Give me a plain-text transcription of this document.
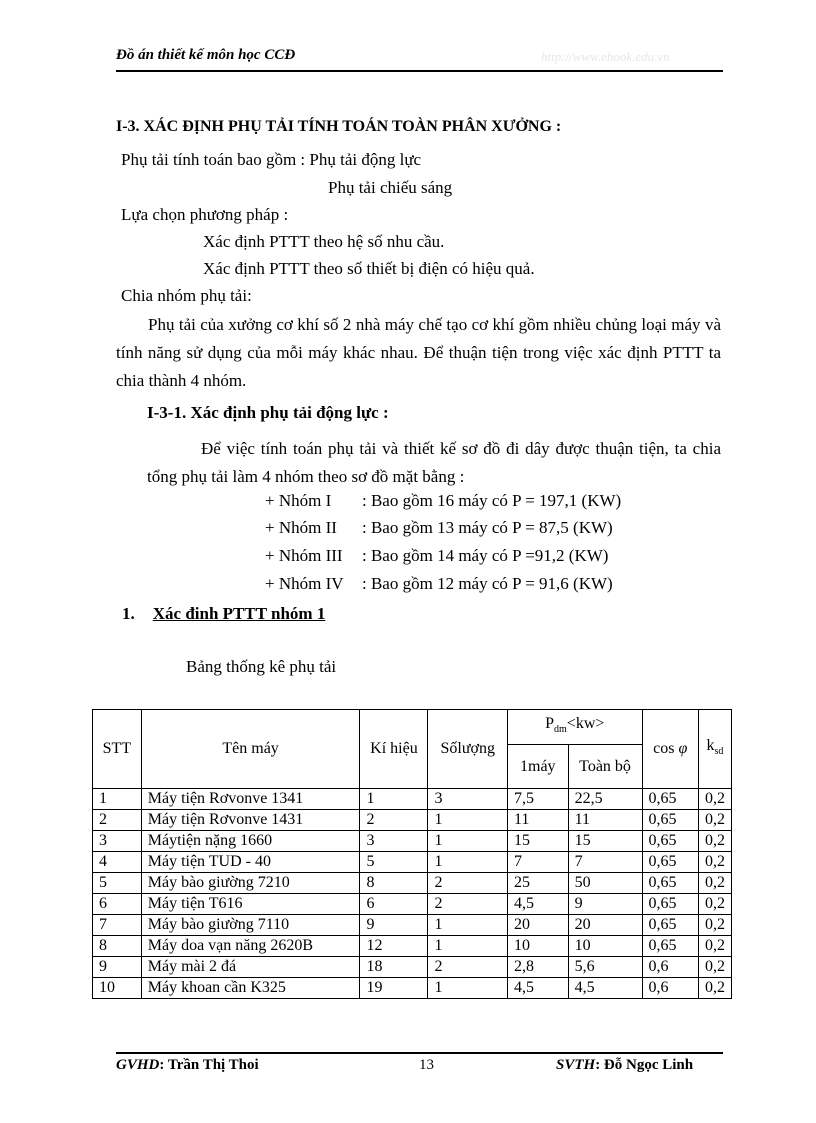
Đồ án thiết kế môn học CCĐ	http://www.ebook.edu.vn
I-3. XÁC ĐỊNH PHỤ TẢI TÍNH TOÁN TOÀN PHÂN XƯỞNG :
Phụ tải tính toán bao gồm : Phụ tải động lực
Phụ tải chiếu sáng
Lựa chọn phương pháp :
Xác định PTTT theo hệ số nhu cầu.
Xác định PTTT theo số thiết bị điện có hiệu quả.
Chia nhóm phụ tải:
Phụ tải của xưởng cơ khí số 2 nhà máy chế tạo cơ khí gồm nhiều chủng loại máy và tính năng sử dụng của mỗi máy khác nhau. Để thuận tiện trong việc xác định PTTT ta chia thành 4 nhóm.
I-3-1. Xác định phụ tải động lực :
Để việc tính toán phụ tải và thiết kế sơ đồ đi dây được thuận tiện, ta chia tổng phụ tải làm 4 nhóm theo sơ đồ mặt bằng :
+ Nhóm I : Bao gồm 16 máy có P = 197,1 (KW)
+ Nhóm II : Bao gồm 13 máy có P = 87,5 (KW)
+ Nhóm III : Bao gồm 14 máy có P =91,2 (KW)
+ Nhóm IV : Bao gồm 12 máy có P = 91,6 (KW)
1. Xác đinh PTTT nhóm 1
Bảng thống kê phụ tải
STT	Tên máy	Kí hiệu	Sốlượng	$P_{dm}<kw>$		cos φ	$k_{sd}$
				1máy	Toàn bộ		
1	Máy tiện Rơvonve 1341	1	3	7,5	22,5	0,65	0,2
2	Máy tiện Rơvonve 1431	2	1	11	11	0,65	0,2
3	Máytiện nặng 1660	3	1	15	15	0,65	0,2
4	Máy tiện TUD - 40	5	1	7	7	0,65	0,2
5	Máy bào giường 7210	8	2	25	50	0,65	0,2
6	Máy tiện T616	6	2	4,5	9	0,65	0,2
7	Máy bào giường 7110	9	1	20	20	0,65	0,2
8	Máy doa vạn năng 2620B	12	1	10	10	0,65	0,2
9	Máy mài 2 đá	18	2	2,8	5,6	0,6	0,2
10	Máy khoan cần K325	19	1	4,5	4,5	0,6	0,2
GVHD: Trần Thị Thoi	13	SVTH: Đỗ Ngọc Linh
